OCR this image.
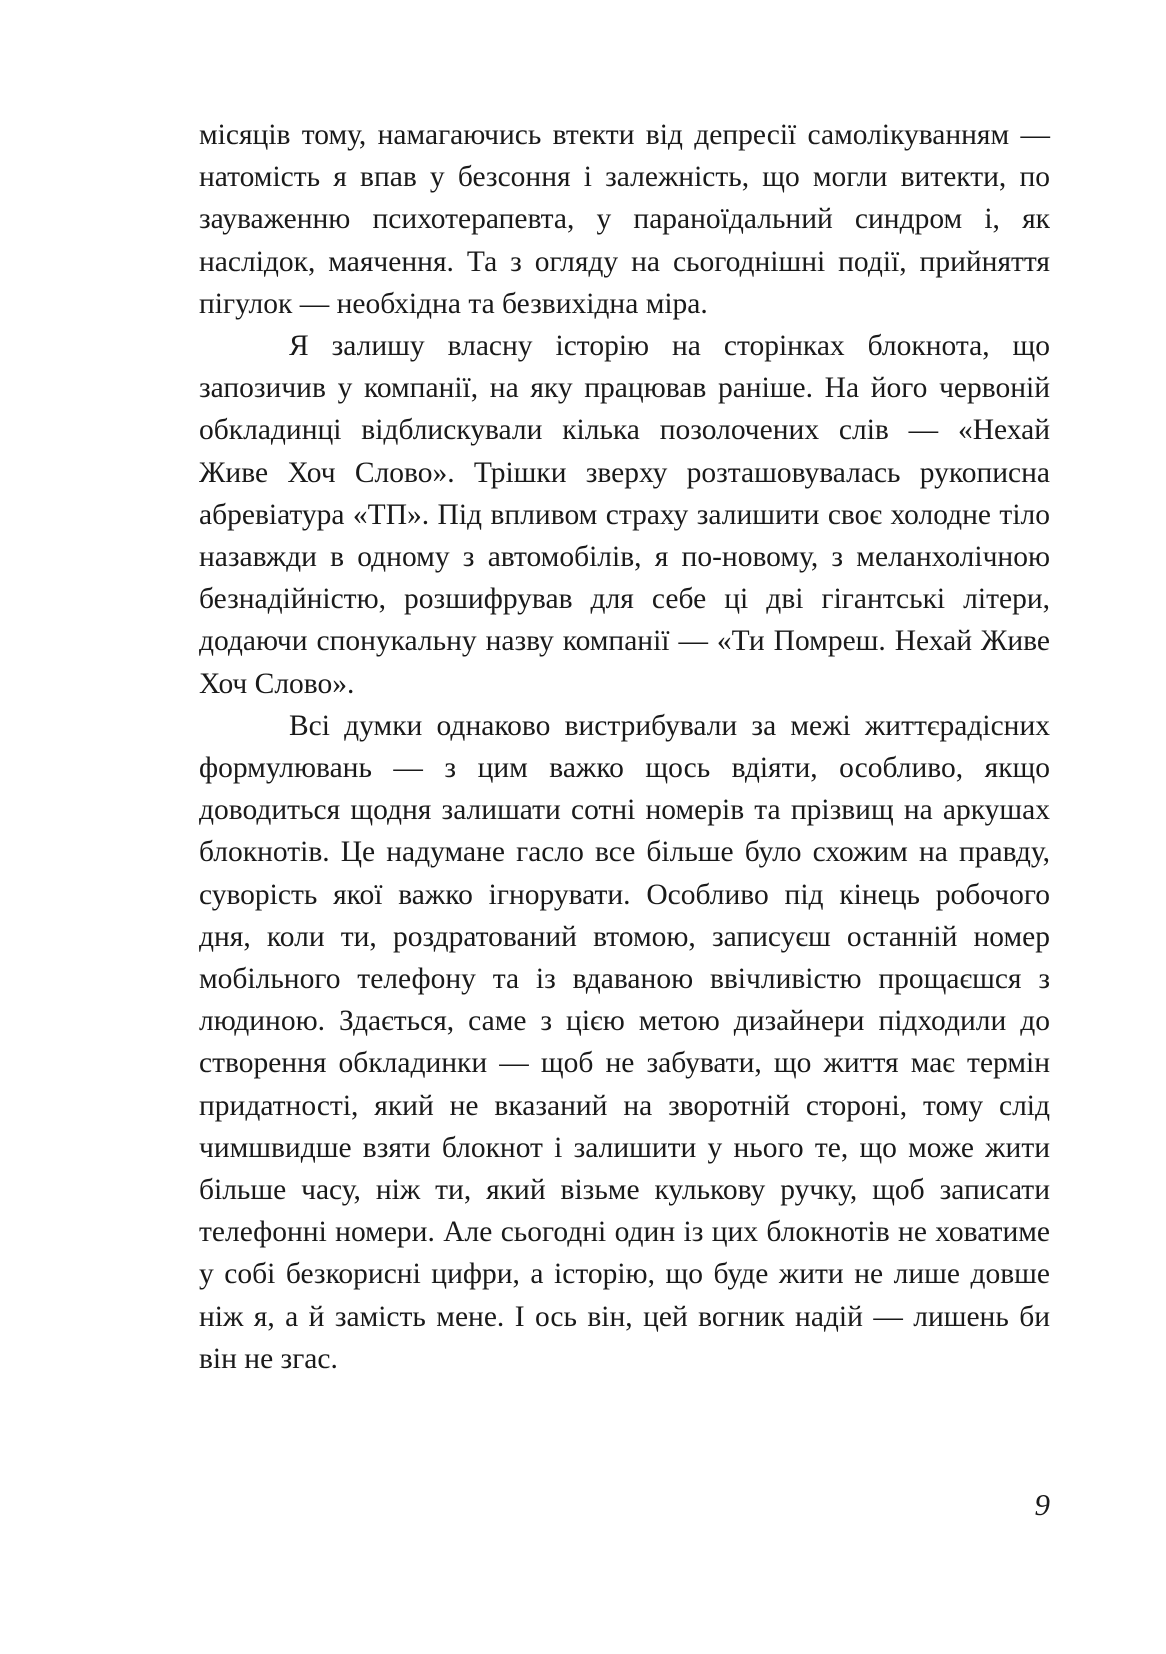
місяців тому, намагаючись втекти від депресії самолікуванням — натомість я впав у безсоння і залежність, що могли витекти, по зауваженню психотерапевта, у параноїдальний синдром і, як наслідок, маячення. Та з огляду на сьогоднішні події, прийняття пігулок — необхідна та безвихідна міра.

Я залишу власну історію на сторінках блокнота, що запозичив у компанії, на яку працював раніше. На його червоній обкладинці відблискували кілька позолочених слів — «Нехай Живе Хоч Слово». Трішки зверху розташовувалась рукописна абревіатура «ТП». Під впливом страху залишити своє холодне тіло назавжди в одному з автомобілів, я по-новому, з меланхолічною безнадійністю, розшифрував для себе ці дві гігантські літери, додаючи спонукальну назву компанії — «Ти Помреш. Нехай Живе Хоч Слово».

Всі думки однаково вистрибували за межі життєрадісних формулювань — з цим важко щось вдіяти, особливо, якщо доводиться щодня залишати сотні номерів та прізвищ на аркушах блокнотів. Це надумане гасло все більше було схожим на правду, суворість якої важко ігнорувати. Особливо під кінець робочого дня, коли ти, роздратований втомою, записуєш останній номер мобільного телефону та із вдаваною ввічливістю прощаєшся з людиною. Здається, саме з цією метою дизайнери підходили до створення обкладинки — щоб не забувати, що життя має термін придатності, який не вказаний на зворотній стороні, тому слід чимшвидше взяти блокнот і залишити у нього те, що може жити більше часу, ніж ти, який візьме кулькову ручку, щоб записати телефонні номери. Але сьогодні один із цих блокнотів не ховатиме у собі безкорисні цифри, а історію, що буде жити не лише довше ніж я, а й замість мене. І ось він, цей вогник надій — лишень би він не згас.

9
